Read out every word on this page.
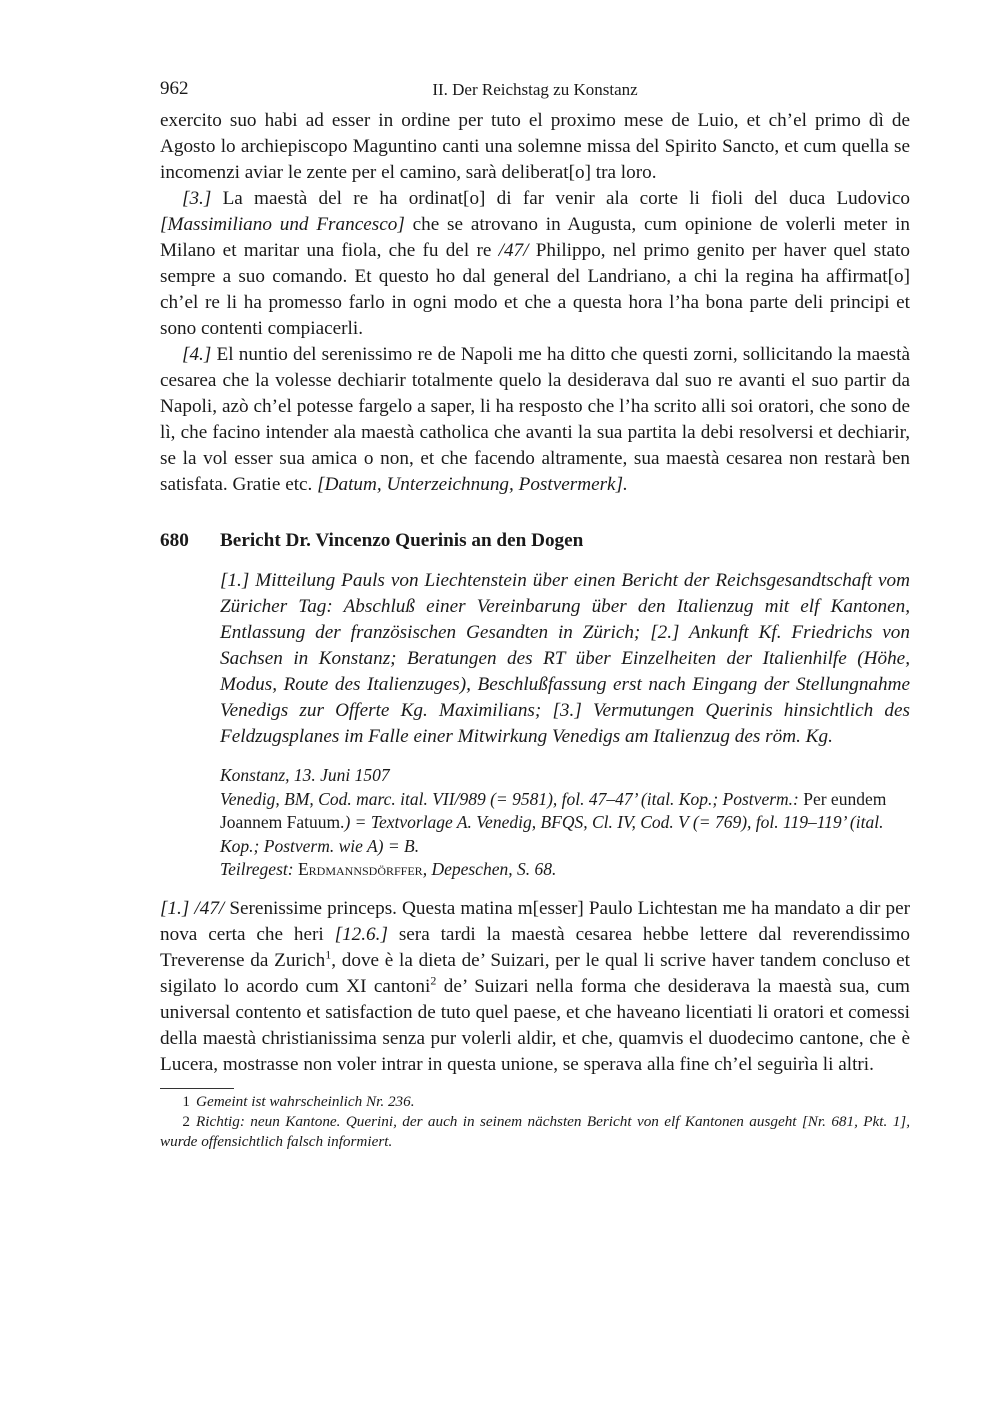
962	II. Der Reichstag zu Konstanz

exercito suo habi ad esser in ordine per tuto el proximo mese de Luio, et ch’el primo dì de Agosto lo archiepiscopo Maguntino canti una solemne missa del Spirito Sancto, et cum quella se incomenzi aviar le zente per el camino, sarà deliberat[o] tra loro.

[3.] La maestà del re ha ordinat[o] di far venir ala corte li fioli del duca Ludovico [Massimiliano und Francesco] che se atrovano in Augusta, cum opinione de volerli meter in Milano et maritar una fiola, che fu del re /47/ Philippo, nel primo genito per haver quel stato sempre a suo comando. Et questo ho dal general del Landriano, a chi la regina ha affirmat[o] ch’el re li ha promesso farlo in ogni modo et che a questa hora l’ha bona parte deli principi et sono contenti compiacerli.

[4.] El nuntio del serenissimo re de Napoli me ha ditto che questi zorni, sollicitando la maestà cesarea che la volesse dechiarir totalmente quelo la desiderava dal suo re avanti el suo partir da Napoli, azò ch’el potesse fargelo a saper, li ha resposto che l’ha scrito alli soi oratori, che sono de lì, che facino intender ala maestà catholica che avanti la sua partita la debi resolversi et dechiarir, se la vol esser sua amica o non, et che facendo altramente, sua maestà cesarea non restarà ben satisfata. Gratie etc. [Datum, Unterzeichnung, Postvermerk].

680 Bericht Dr. Vincenzo Querinis an den Dogen
[1.] Mitteilung Pauls von Liechtenstein über einen Bericht der Reichsgesandtschaft vom Züricher Tag: Abschluß einer Vereinbarung über den Italienzug mit elf Kantonen, Entlassung der französischen Gesandten in Zürich; [2.] Ankunft Kf. Friedrichs von Sachsen in Konstanz; Beratungen des RT über Einzelheiten der Italienhilfe (Höhe, Modus, Route des Italienzuges), Beschlußfassung erst nach Eingang der Stellungnahme Venedigs zur Offerte Kg. Maximilians; [3.] Vermutungen Querinis hinsichtlich des Feldzugsplanes im Falle einer Mitwirkung Venedigs am Italienzug des röm. Kg.
Konstanz, 13. Juni 1507
Venedig, BM, Cod. marc. ital. VII/989 (= 9581), fol. 47–47’ (ital. Kop.; Postverm.: Per eundem Joannem Fatuum.) = Textvorlage A. Venedig, BFQS, Cl. IV, Cod. V (= 769), fol. 119–119’ (ital. Kop.; Postverm. wie A) = B.
Teilregest: Erdmannsdörffer, Depeschen, S. 68.

[1.] /47/ Serenissime princeps. Questa matina m[esser] Paulo Lichtestan me ha mandato a dir per nova certa che heri [12.6.] sera tardi la maestà cesarea hebbe lettere dal reverendissimo Treverense da Zurich$^1$, dove è la dieta de’ Suizari, per le qual li scrive haver tandem concluso et sigilato lo acordo cum XI cantoni$^2$ de’ Suizari nella forma che desiderava la maestà sua, cum universal contento et satisfaction de tuto quel paese, et che haveano licentiati li oratori et comessi della maestà christianissima senza pur volerli aldir, et che, quamvis el duodecimo cantone, che è Lucera, mostrasse non voler intrar in questa unione, se sperava alla fine ch’el seguirìa li altri.

1 Gemeint ist wahrscheinlich Nr. 236.
2 Richtig: neun Kantone. Querini, der auch in seinem nächsten Bericht von elf Kantonen ausgeht [Nr. 681, Pkt. 1], wurde offensichtlich falsch informiert.
